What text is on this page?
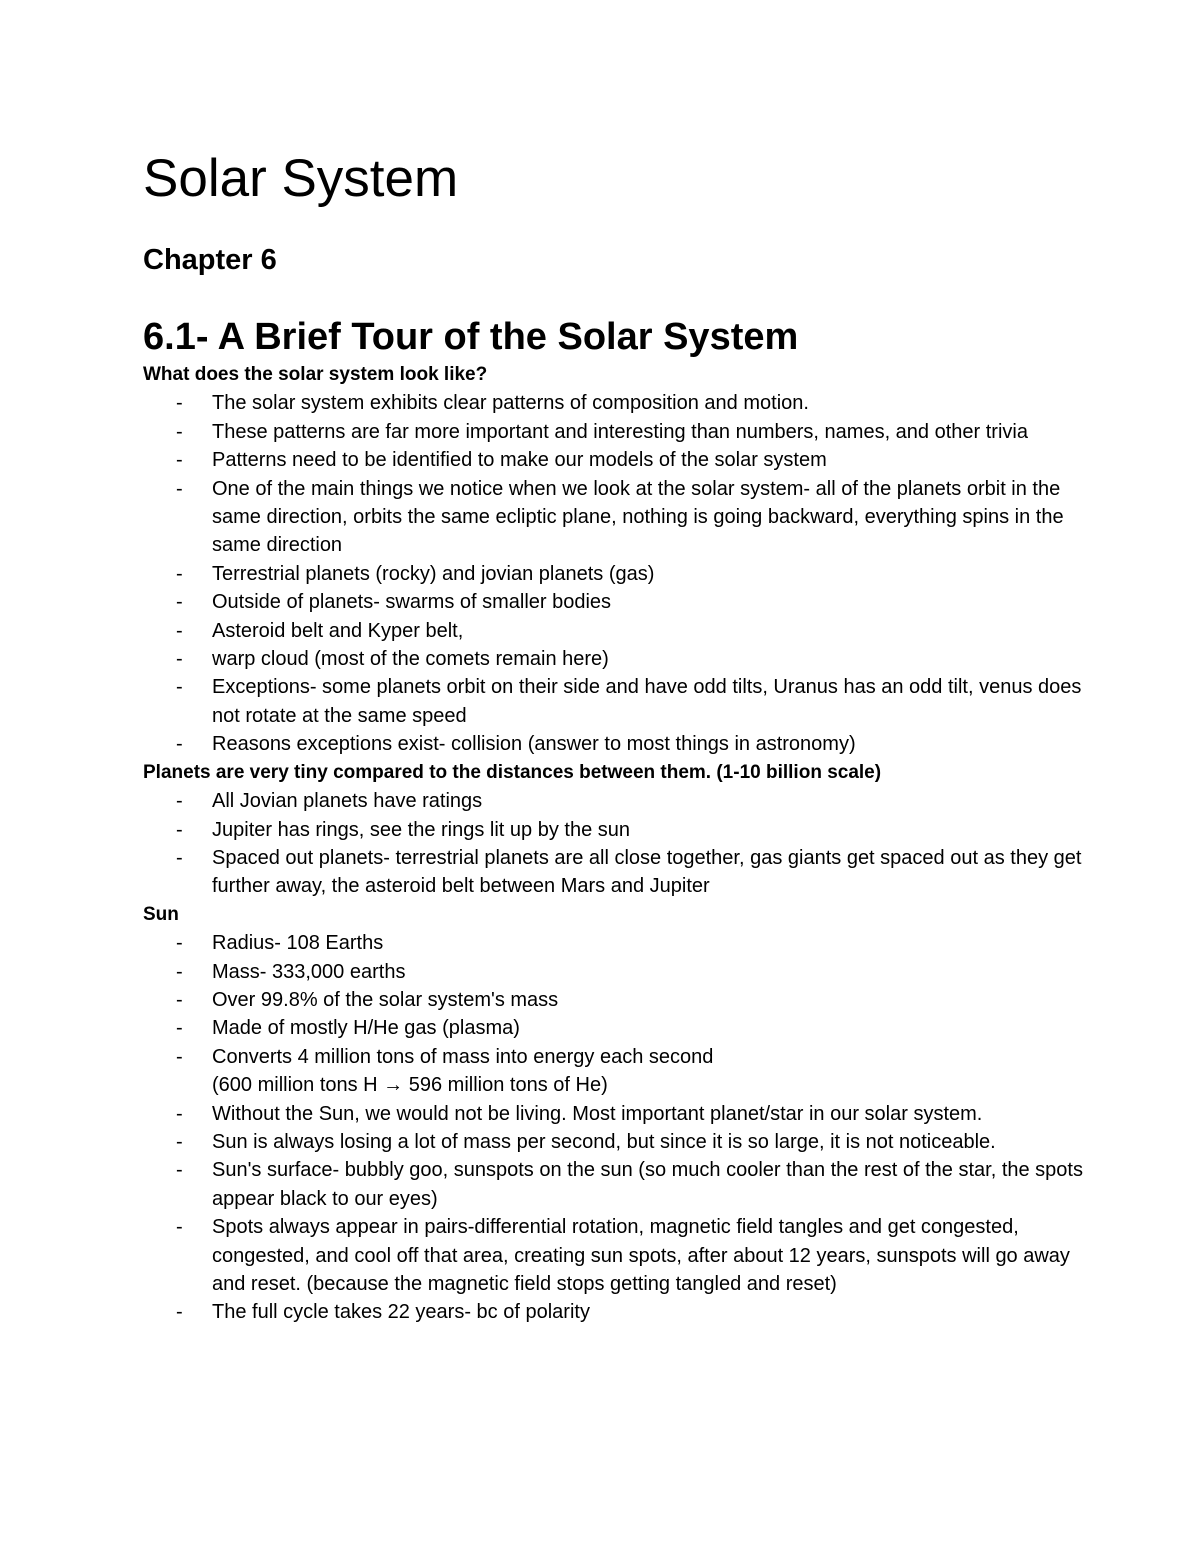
Solar System
Chapter 6
6.1- A Brief Tour of the Solar System

What does the solar system look like?

- The solar system exhibits clear patterns of composition and motion.
- These patterns are far more important and interesting than numbers, names, and other trivia
- Patterns need to be identified to make our models of the solar system
- One of the main things we notice when we look at the solar system- all of the planets orbit in the same direction, orbits the same ecliptic plane, nothing is going backward, everything spins in the same direction
- Terrestrial planets (rocky) and jovian planets (gas)
- Outside of planets- swarms of smaller bodies
- Asteroid belt and Kyper belt,
- warp cloud (most of the comets remain here)
- Exceptions- some planets orbit on their side and have odd tilts, Uranus has an odd tilt, venus does not rotate at the same speed
- Reasons exceptions exist- collision (answer to most things in astronomy)

Planets are very tiny compared to the distances between them. (1-10 billion scale)

- All Jovian planets have ratings
- Jupiter has rings, see the rings lit up by the sun
- Spaced out planets- terrestrial planets are all close together, gas giants get spaced out as they get further away, the asteroid belt between Mars and Jupiter

Sun

- Radius- 108 Earths
- Mass- 333,000 earths
- Over 99.8% of the solar system's mass
- Made of mostly H/He gas (plasma)
- Converts 4 million tons of mass into energy each second
(600 million tons H → 596 million tons of He)
- Without the Sun, we would not be living. Most important planet/star in our solar system.
- Sun is always losing a lot of mass per second, but since it is so large, it is not noticeable.
- Sun's surface- bubbly goo, sunspots on the sun (so much cooler than the rest of the star, the spots appear black to our eyes)
- Spots always appear in pairs-differential rotation, magnetic field tangles and get congested, congested, and cool off that area, creating sun spots, after about 12 years, sunspots will go away and reset. (because the magnetic field stops getting tangled and reset)
- The full cycle takes 22 years- bc of polarity
